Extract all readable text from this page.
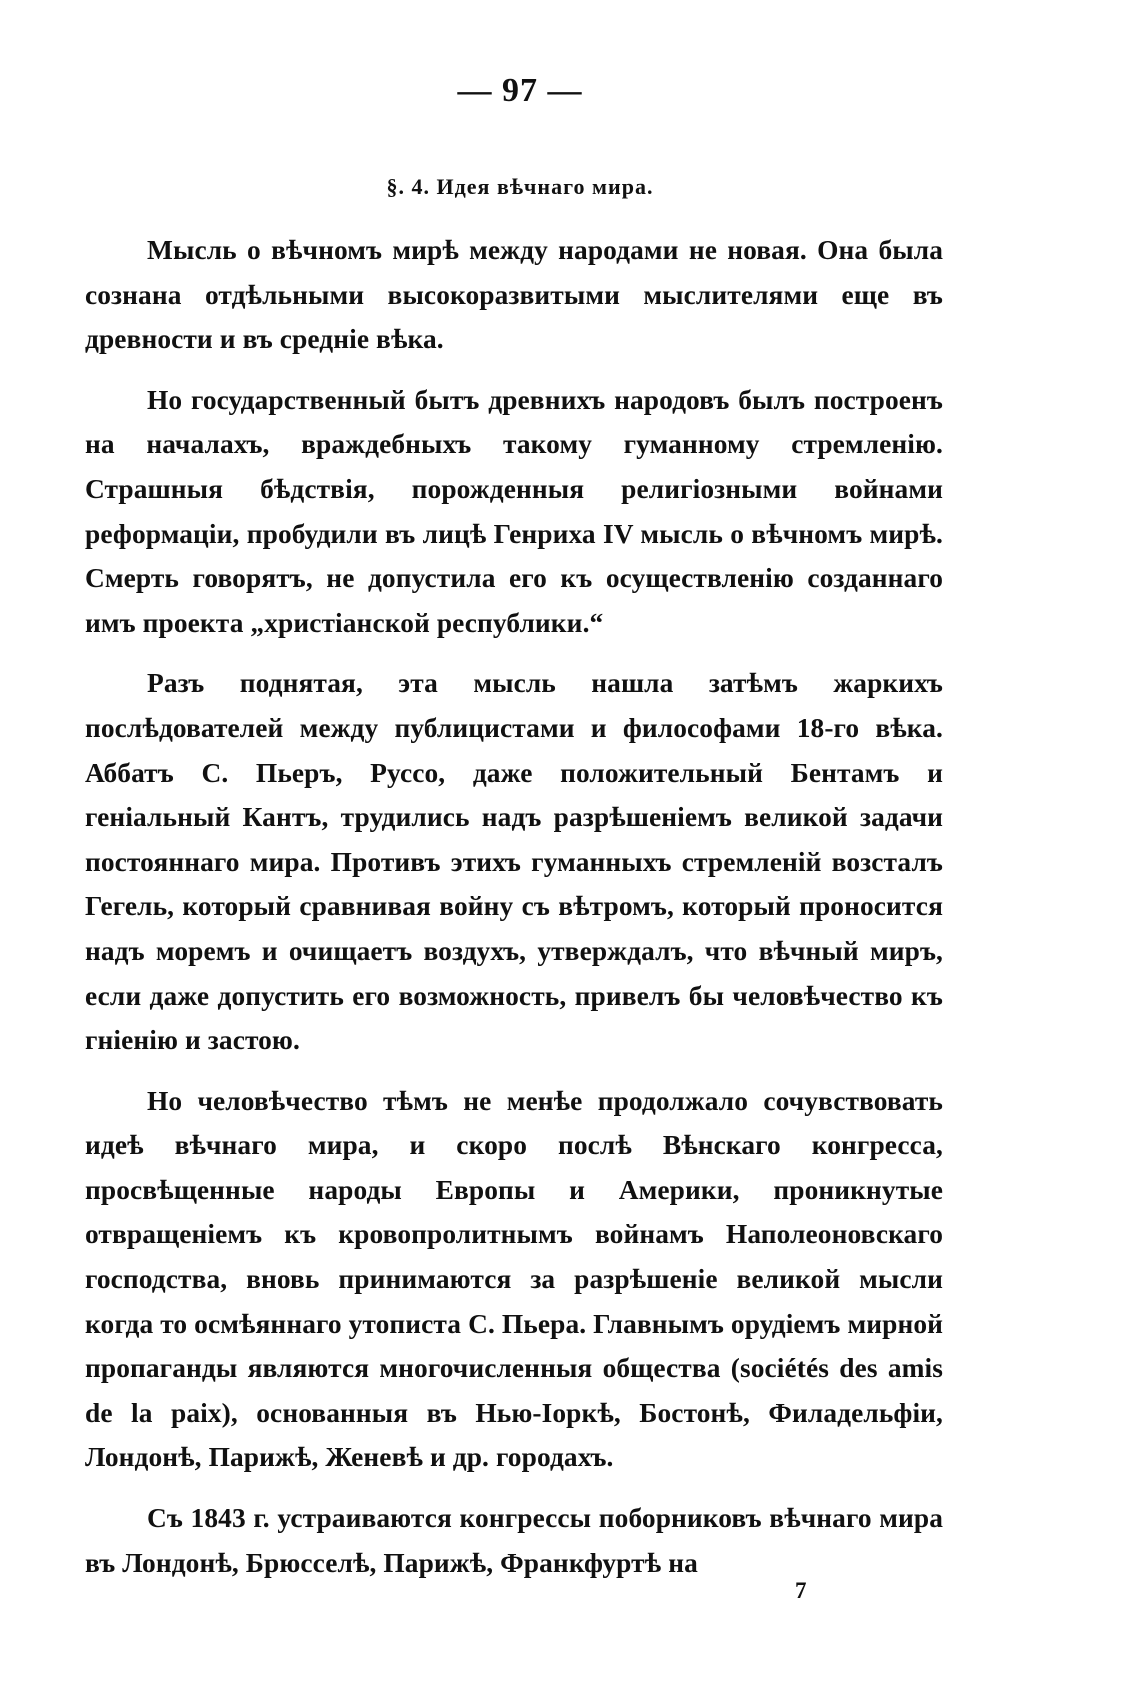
— 97 —
§. 4. Идея вѣчнаго мира.

Мысль о вѣчномъ мирѣ между народами не новая. Она была сознана отдѣльными высокоразвитыми мыслителями еще въ древности и въ средніе вѣка.

Но государственный бытъ древнихъ народовъ былъ построенъ на началахъ, враждебныхъ такому гуманному стремленію. Страшныя бѣдствія, порожденныя религіозными войнами реформаціи, пробудили въ лицѣ Генриха IV мысль о вѣчномъ мирѣ. Смерть говорятъ, не допустила его къ осуществленію созданнаго имъ проекта „христіанской республики.“

Разъ поднятая, эта мысль нашла затѣмъ жаркихъ послѣдователей между публицистами и философами 18-го вѣка. Аббатъ С. Пьеръ, Руссо, даже положительный Бентамъ и геніальный Кантъ, трудились надъ разрѣшеніемъ великой задачи постояннаго мира. Противъ этихъ гуманныхъ стремленій возсталъ Гегель, который сравнивая войну съ вѣтромъ, который проносится надъ моремъ и очищаетъ воздухъ, утверждалъ, что вѣчный миръ, если даже допустить его возможность, привелъ бы человѣчество къ гніенію и застою.

Но человѣчество тѣмъ не менѣе продолжало сочувствовать идеѣ вѣчнаго мира, и скоро послѣ Вѣнскаго конгресса, просвѣщенные народы Европы и Америки, проникнутые отвращеніемъ къ кровопролитнымъ войнамъ Наполеоновскаго господства, вновь принимаются за разрѣшеніе великой мысли когда то осмѣяннаго утописта С. Пьера. Главнымъ орудіемъ мирной пропаганды являются многочисленныя общества (sociétés des amis de la paix), основанныя въ Нью-Іоркѣ, Бостонѣ, Филадельфіи, Лондонѣ, Парижѣ, Женевѣ и др. городахъ.

Съ 1843 г. устраиваются конгрессы поборниковъ вѣчнаго мира въ Лондонѣ, Брюсселѣ, Парижѣ, Франкфуртѣ на

7
